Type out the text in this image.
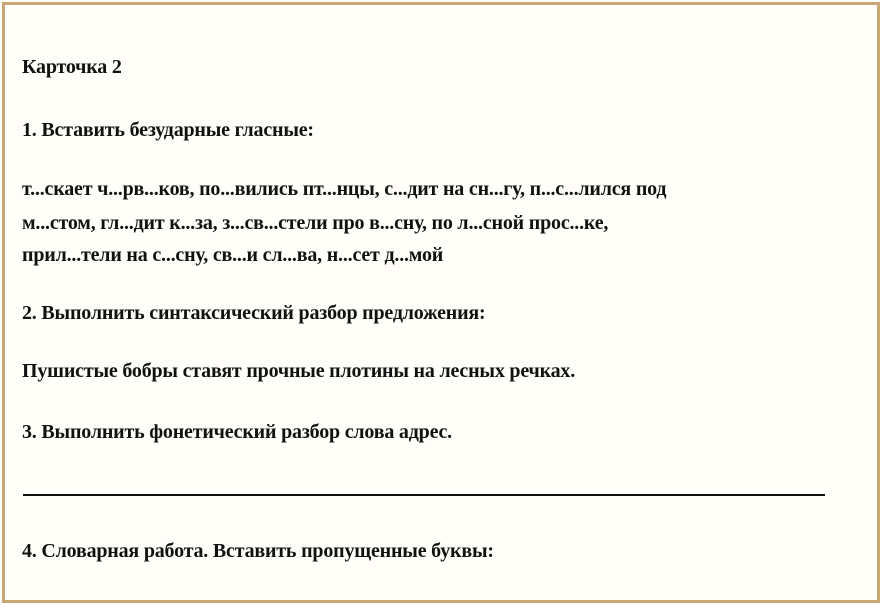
Карточка 2
1. Вставить безударные гласные:
т...скает ч...рв...ков, по...вились пт...нцы, с...дит на сн...гу, п...с...лился под
м...стом, гл...дит к...за, з...св...стели про в...сну, по л...сной прос...ке,
прил...тели на с...сну, св...и сл...ва, н...сет д...мой
2. Выполнить синтаксический разбор предложения:
Пушистые бобры ставят прочные плотины на лесных речках.
3. Выполнить фонетический разбор слова адрес.
4. Словарная работа. Вставить пропущенные буквы:
